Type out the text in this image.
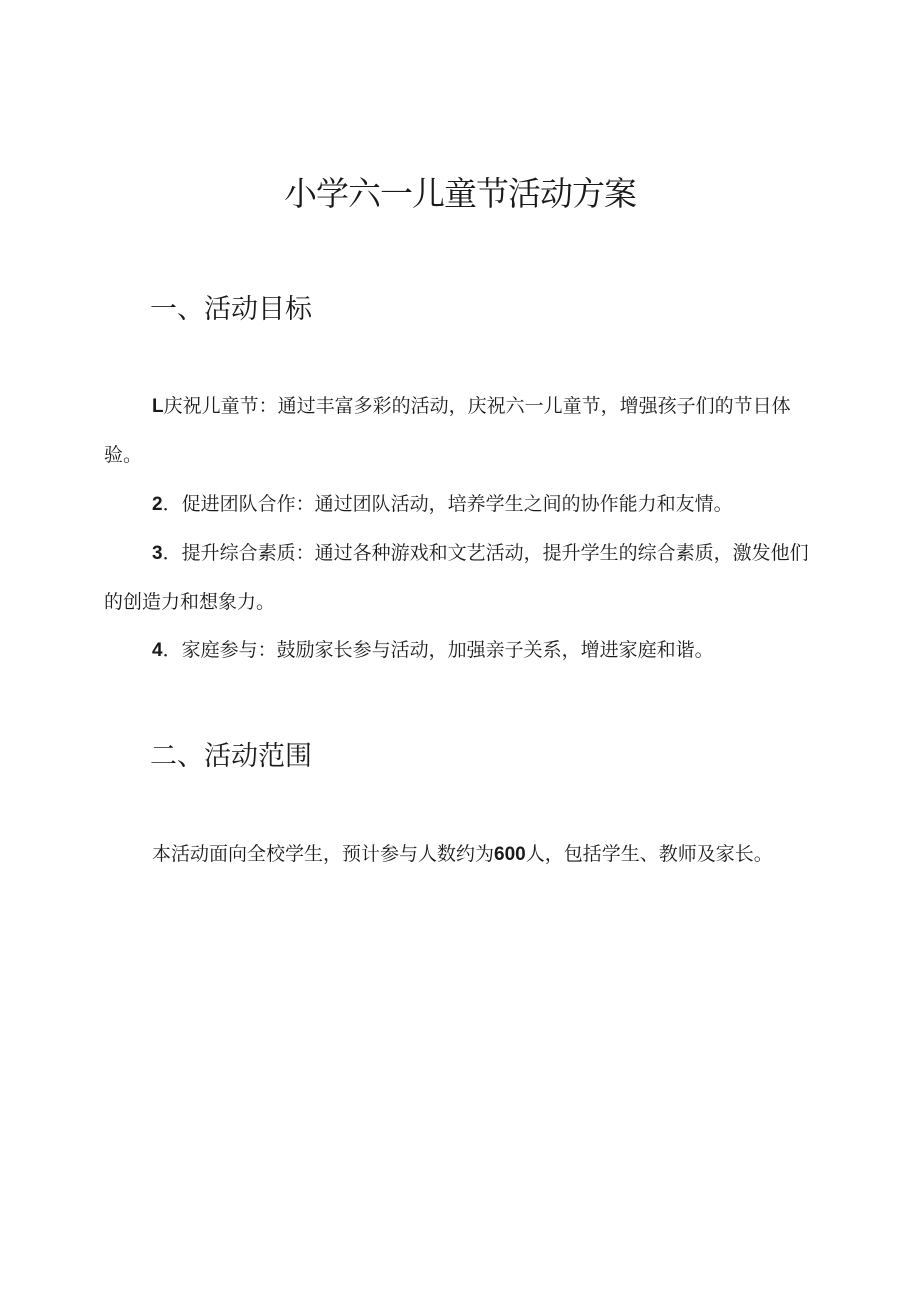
小学六一儿童节活动方案
一、活动目标

L庆祝儿童节：通过丰富多彩的活动，庆祝六一儿童节，增强孩子们的节日体验。

2．促进团队合作：通过团队活动，培养学生之间的协作能力和友情。

3．提升综合素质：通过各种游戏和文艺活动，提升学生的综合素质，激发他们的创造力和想象力。

4．家庭参与：鼓励家长参与活动，加强亲子关系，增进家庭和谐。

二、活动范围

本活动面向全校学生，预计参与人数约为600人，包括学生、教师及家长。
